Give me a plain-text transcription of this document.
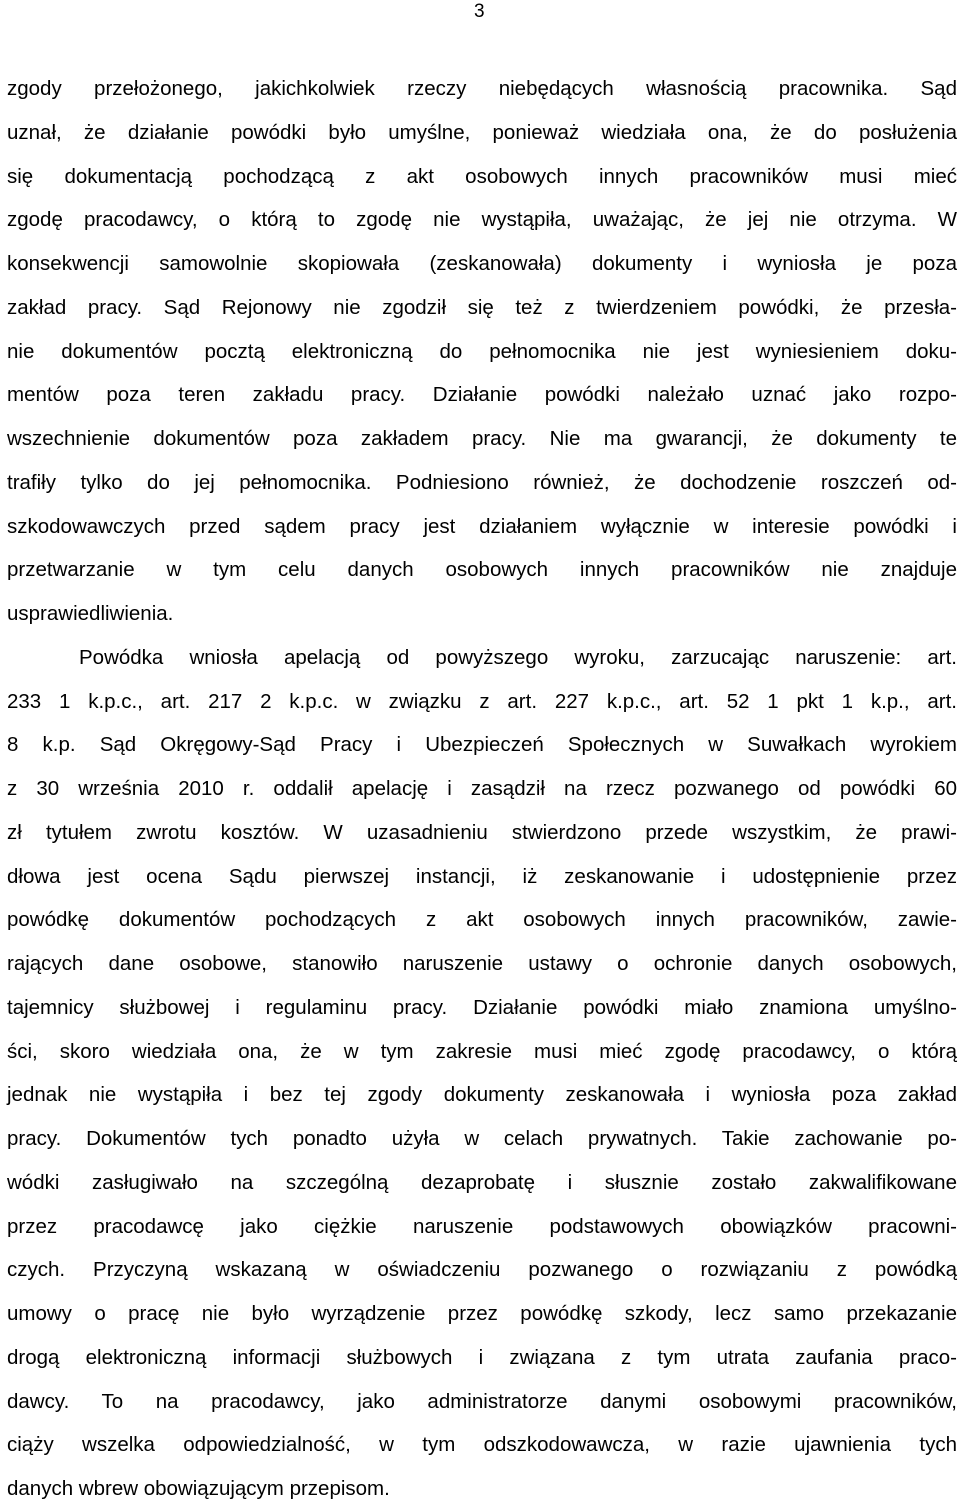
3
zgody przełożonego, jakichkolwiek rzeczy niebędących własnością pracownika. Sąd
uznał, że działanie powódki było umyślne, ponieważ wiedziała ona, że do posłużenia
się dokumentacją pochodzącą z akt osobowych innych pracowników musi mieć
zgodę pracodawcy, o którą to zgodę nie wystąpiła, uważając, że jej nie otrzyma. W
konsekwencji samowolnie skopiowała (zeskanowała) dokumenty i wyniosła je poza
zakład pracy. Sąd Rejonowy nie zgodził się też z twierdzeniem powódki, że przesła-
nie dokumentów pocztą elektroniczną do pełnomocnika nie jest wyniesieniem doku-
mentów poza teren zakładu pracy. Działanie powódki należało uznać jako rozpo-
wszechnienie dokumentów poza zakładem pracy. Nie ma gwarancji, że dokumenty te
trafiły tylko do jej pełnomocnika. Podniesiono również, że dochodzenie roszczeń od-
szkodowawczych przed sądem pracy jest działaniem wyłącznie w interesie powódki i
przetwarzanie w tym celu danych osobowych innych pracowników nie znajduje
usprawiedliwienia.
Powódka wniosła apelacją od powyższego wyroku, zarzucając naruszenie: art.
233 1 k.p.c., art. 217 2 k.p.c. w związku z art. 227 k.p.c., art. 52 1 pkt 1 k.p., art.
8 k.p. Sąd Okręgowy-Sąd Pracy i Ubezpieczeń Społecznych w Suwałkach wyrokiem
z 30 września 2010 r. oddalił apelację i zasądził na rzecz pozwanego od powódki 60
zł tytułem zwrotu kosztów. W uzasadnieniu stwierdzono przede wszystkim, że prawi-
dłowa jest ocena Sądu pierwszej instancji, iż zeskanowanie i udostępnienie przez
powódkę dokumentów pochodzących z akt osobowych innych pracowników, zawie-
rających dane osobowe, stanowiło naruszenie ustawy o ochronie danych osobowych,
tajemnicy służbowej i regulaminu pracy. Działanie powódki miało znamiona umyślno-
ści, skoro wiedziała ona, że w tym zakresie musi mieć zgodę pracodawcy, o którą
jednak nie wystąpiła i bez tej zgody dokumenty zeskanowała i wyniosła poza zakład
pracy. Dokumentów tych ponadto użyła w celach prywatnych. Takie zachowanie po-
wódki zasługiwało na szczególną dezaprobatę i słusznie zostało zakwalifikowane
przez pracodawcę jako ciężkie naruszenie podstawowych obowiązków pracowni-
czych. Przyczyną wskazaną w oświadczeniu pozwanego o rozwiązaniu z powódką
umowy o pracę nie było wyrządzenie przez powódkę szkody, lecz samo przekazanie
drogą elektroniczną informacji służbowych i związana z tym utrata zaufania praco-
dawcy. To na pracodawcy, jako administratorze danymi osobowymi pracowników,
ciąży wszelka odpowiedzialność, w tym odszkodowawcza, w razie ujawnienia tych
danych wbrew obowiązującym przepisom.
